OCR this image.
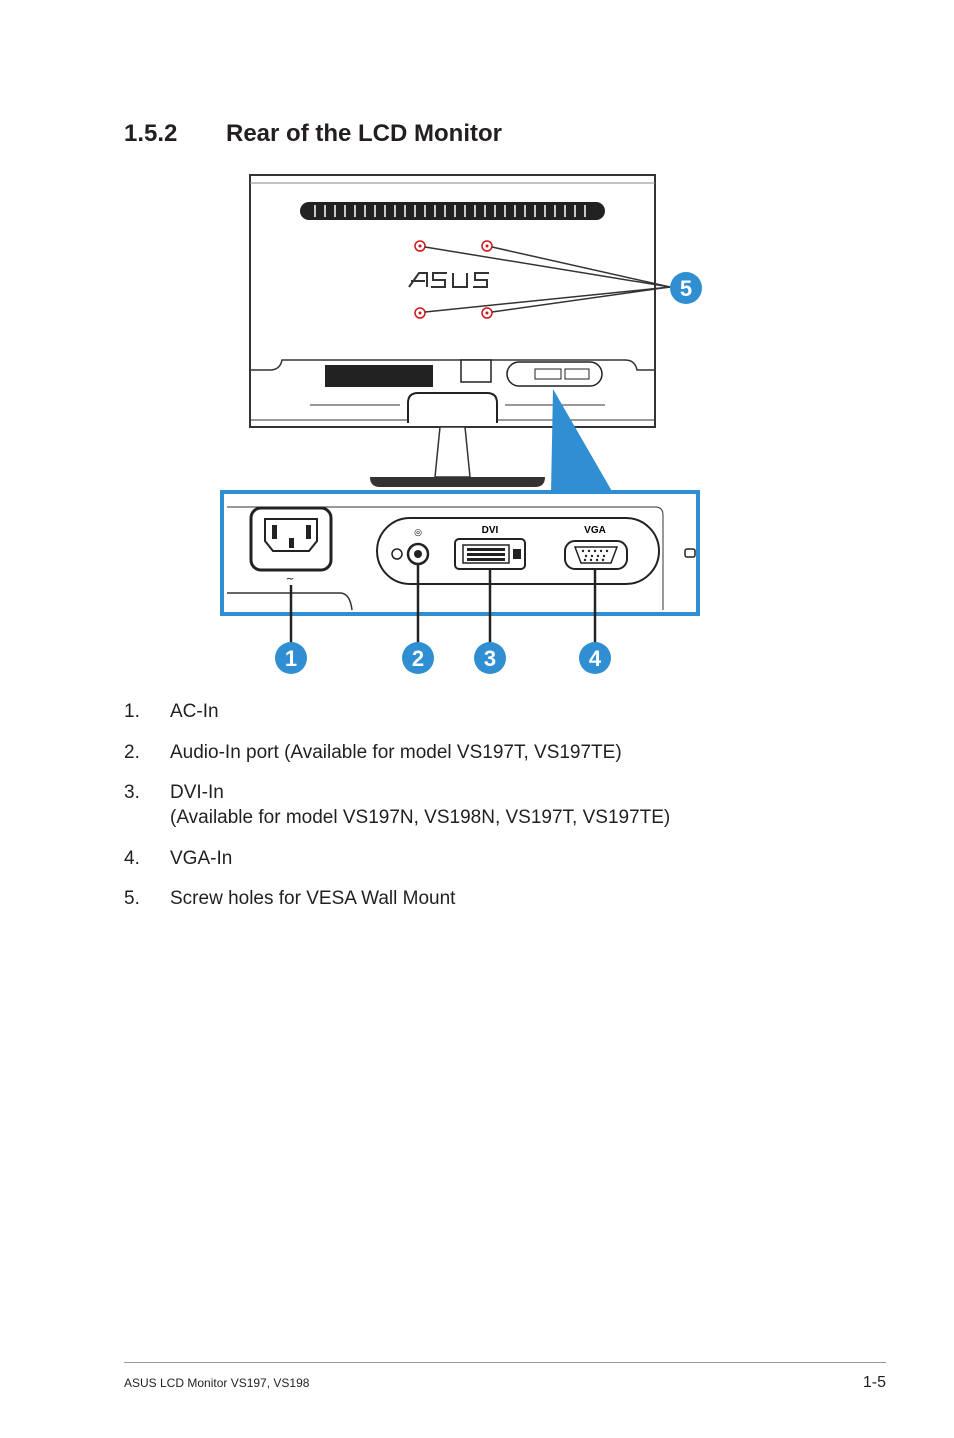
1.5.2 Rear of the LCD Monitor
~
◎	DVI	VGA
1	2	3	4
5
1. AC-In
2. Audio-In port (Available for model VS197T, VS197TE)
3. DVI-In
(Available for model VS197N, VS198N, VS197T, VS197TE)
4. VGA-In
5. Screw holes for VESA Wall Mount
ASUS LCD Monitor VS197, VS198	1-5
